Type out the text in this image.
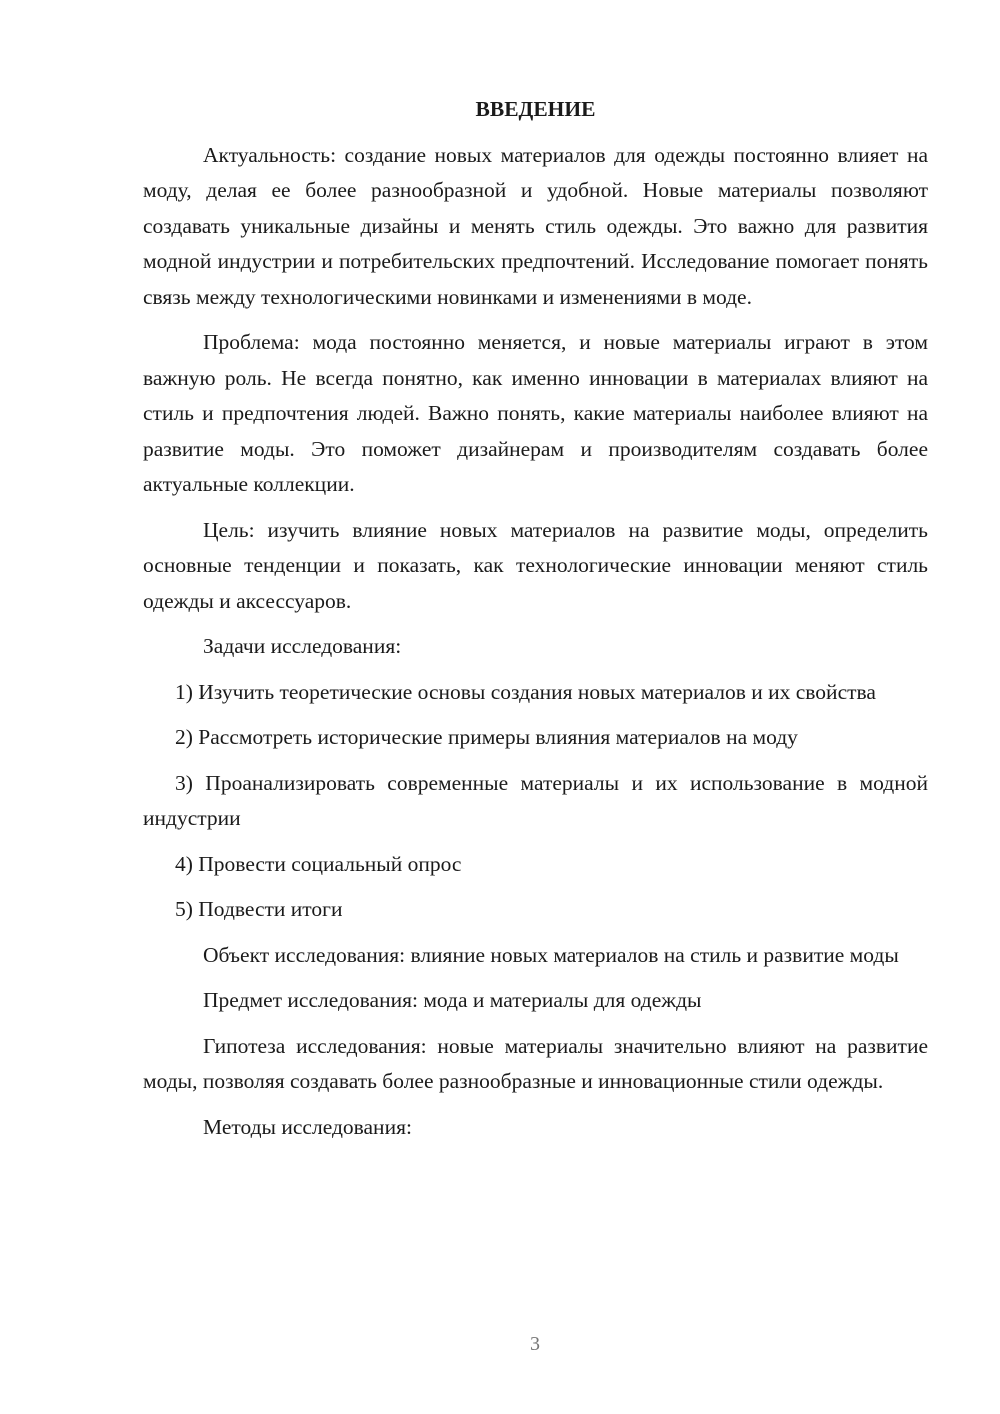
ВВЕДЕНИЕ

Актуальность: создание новых материалов для одежды постоянно влияет на моду, делая ее более разнообразной и удобной. Новые материалы позволяют создавать уникальные дизайны и менять стиль одежды. Это важно для развития модной индустрии и потребительских предпочтений. Исследование помогает понять связь между технологическими новинками и изменениями в моде.

Проблема: мода постоянно меняется, и новые материалы играют в этом важную роль. Не всегда понятно, как именно инновации в материалах влияют на стиль и предпочтения людей. Важно понять, какие материалы наиболее влияют на развитие моды. Это поможет дизайнерам и производителям создавать более актуальные коллекции.

Цель: изучить влияние новых материалов на развитие моды, определить основные тенденции и показать, как технологические инновации меняют стиль одежды и аксессуаров.

Задачи исследования:

1) Изучить теоретические основы создания новых материалов и их свойства

2) Рассмотреть исторические примеры влияния материалов на моду

3) Проанализировать современные материалы и их использование в модной индустрии

4) Провести социальный опрос

5) Подвести итоги

Объект исследования: влияние новых материалов на стиль и развитие моды

Предмет исследования: мода и материалы для одежды

Гипотеза исследования: новые материалы значительно влияют на развитие моды, позволяя создавать более разнообразные и инновационные стили одежды.

Методы исследования:

3
